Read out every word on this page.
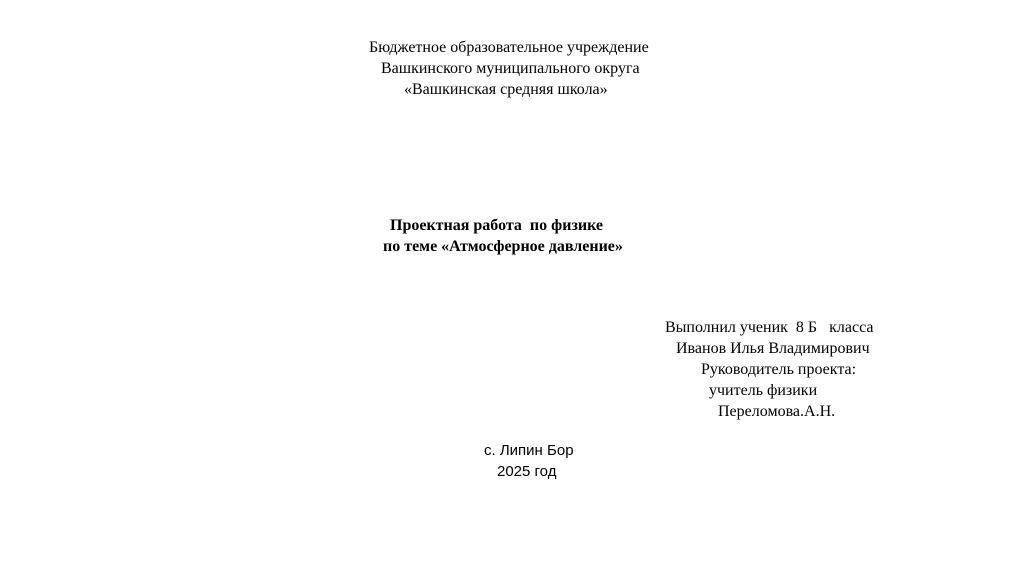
Бюджетное образовательное учреждение
Вашкинского муниципального округа
«Вашкинская средняя школа»
Проектная работа  по физике
по теме «Атмосферное давление»
Выполнил ученик  8 Б   класса
Иванов Илья Владимирович
Руководитель проекта:
учитель физики
Переломова.А.Н.
с. Липин Бор
2025 год
